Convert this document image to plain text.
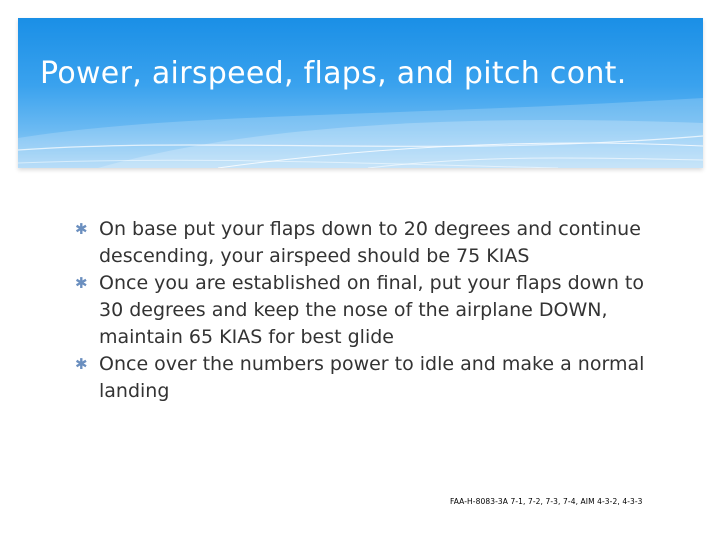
Power, airspeed, flaps, and pitch cont.
✱ On base put your flaps down to 20 degrees and continue descending, your airspeed should be 75 KIAS
✱ Once you are established on final, put your flaps down to 30 degrees and keep the nose of the airplane DOWN, maintain 65 KIAS for best glide
✱ Once over the numbers power to idle and make a normal landing
FAA-H-8083-3A 7-1, 7-2, 7-3, 7-4, AIM 4-3-2, 4-3-3
